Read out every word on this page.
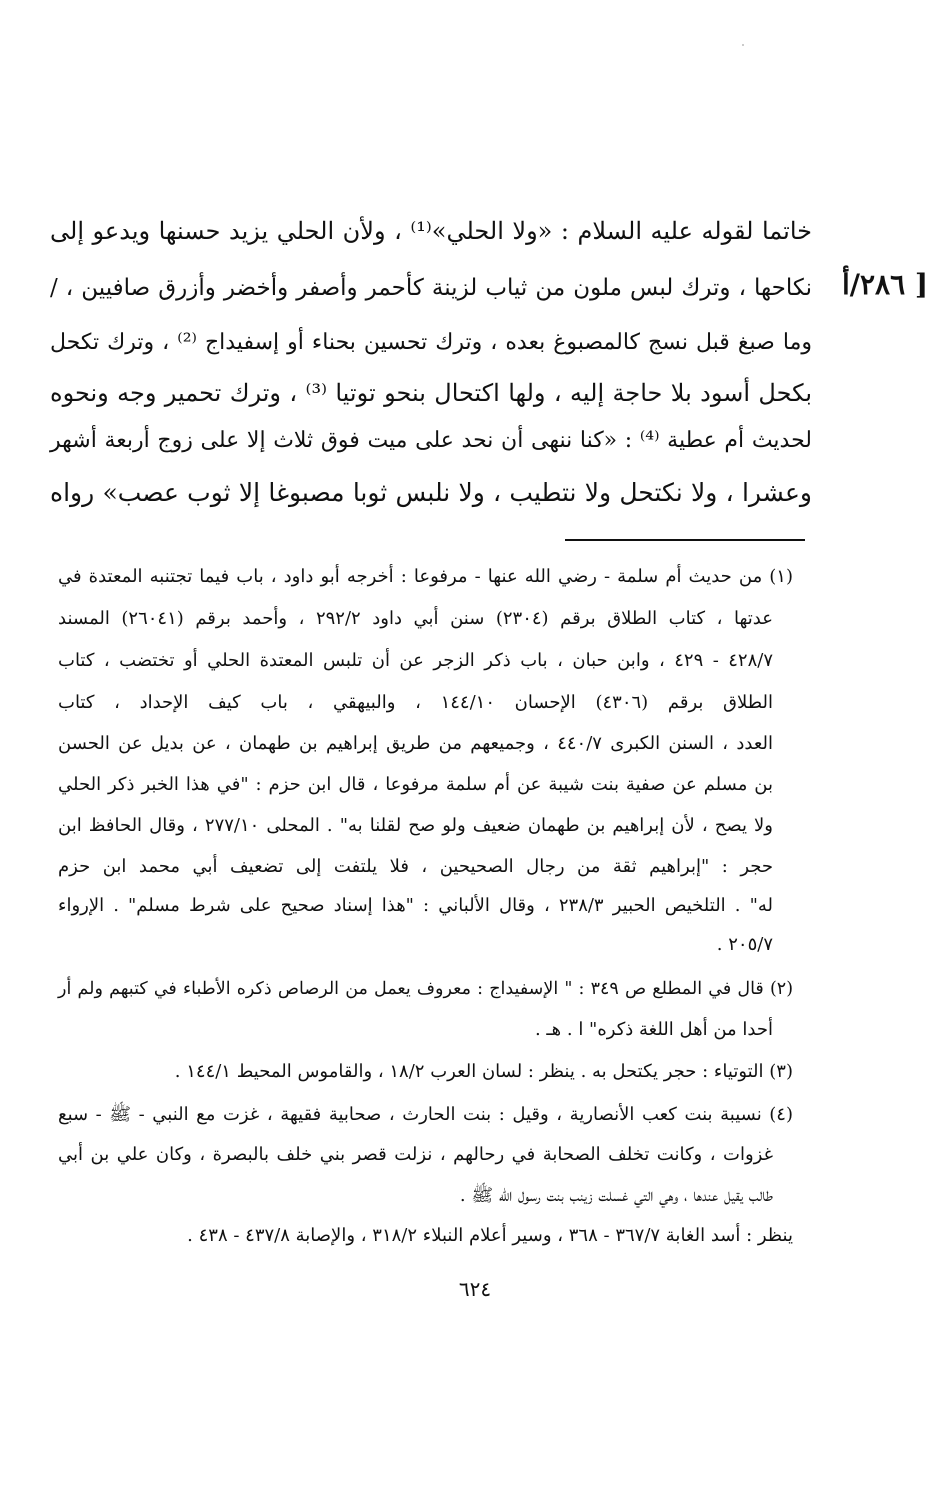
[ ٢٨٦/أ
خاتما لقوله عليه السلام : «ولا الحلي»⁽¹⁾ ، ولأن الحلي يزيد حسنها ويدعو إلى
نكاحها ، وترك لبس ملون من ثياب لزينة كأحمر وأصفر وأخضر وأزرق صافيين ، /
وما صبغ قبل نسج كالمصبوغ بعده ، وترك تحسين بحناء أو إسفيداج ⁽²⁾ ، وترك تكحل
بكحل أسود بلا حاجة إليه ، ولها اكتحال بنحو توتيا ⁽³⁾ ، وترك تحمير وجه ونحوه
لحديث أم عطية ⁽⁴⁾ : «كنا ننهى أن نحد على ميت فوق ثلاث إلا على زوج أربعة أشهر
وعشرا ، ولا نكتحل ولا نتطيب ، ولا نلبس ثوبا مصبوغا إلا ثوب عصب» رواه
(١) من حديث أم سلمة - رضي الله عنها - مرفوعا : أخرجه أبو داود ، باب فيما تجتنبه المعتدة في
عدتها ، كتاب الطلاق برقم (٢٣٠٤) سنن أبي داود ٢٩٢/٢ ، وأحمد برقم (٢٦٠٤١) المسند
٤٢٨/٧ - ٤٢٩ ، وابن حبان ، باب ذكر الزجر عن أن تلبس المعتدة الحلي أو تختضب ، كتاب
الطلاق برقم (٤٣٠٦) الإحسان ١٤٤/١٠ ، والبيهقي ، باب كيف الإحداد ، كتاب
العدد ، السنن الكبرى ٤٤٠/٧ ، وجميعهم من طريق إبراهيم بن طهمان ، عن بديل عن الحسن
بن مسلم عن صفية بنت شيبة عن أم سلمة مرفوعا ، قال ابن حزم : "في هذا الخبر ذكر الحلي
ولا يصح ، لأن إبراهيم بن طهمان ضعيف ولو صح لقلنا به" . المحلى ٢٧٧/١٠ ، وقال الحافظ ابن
حجر : "إبراهيم ثقة من رجال الصحيحين ، فلا يلتفت إلى تضعيف أبي محمد ابن حزم
له" . التلخيص الحبير ٢٣٨/٣ ، وقال الألباني : "هذا إسناد صحيح على شرط مسلم" . الإرواء
٢٠٥/٧ .
(٢) قال في المطلع ص ٣٤٩ : " الإسفيداج : معروف يعمل من الرصاص ذكره الأطباء في كتبهم ولم أر
أحدا من أهل اللغة ذكره" ا . هـ .
(٣) التوتياء : حجر يكتحل به . ينظر : لسان العرب ١٨/٢ ، والقاموس المحيط ١٤٤/١ .
(٤) نسيبة بنت كعب الأنصارية ، وقيل : بنت الحارث ، صحابية فقيهة ، غزت مع النبي - ﷺ - سبع
غزوات ، وكانت تخلف الصحابة في رحالهم ، نزلت قصر بني خلف بالبصرة ، وكان علي بن أبي
طالب يقيل عندها ، وهي التي غسلت زينب بنت رسول الله ﷺ .
ينظر : أسد الغابة ٣٦٧/٧ - ٣٦٨ ، وسير أعلام النبلاء ٣١٨/٢ ، والإصابة ٤٣٧/٨ - ٤٣٨ .
٦٢٤
